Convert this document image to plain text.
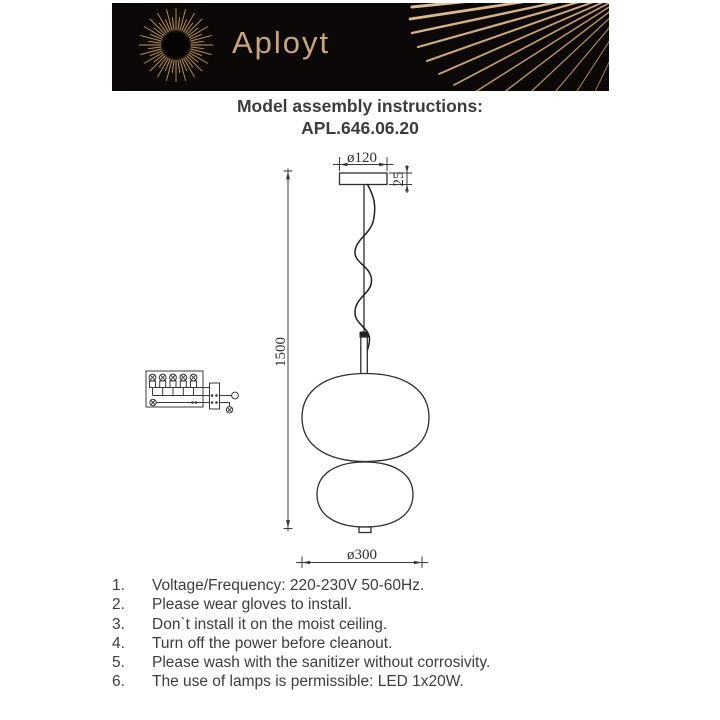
Aployt
Model assembly instructions:
APL.646.06.20
ø120
25
1500
ø300
1.	Voltage/Frequency: 220-230V 50-60Hz.
2.	Please wear gloves to install.
3.	Don`t install it on the moist ceiling.
4.	Turn off the power before cleanout.
5.	Please wash with the sanitizer without corrosivity.
6.	The use of lamps is permissible: LED 1x20W.
